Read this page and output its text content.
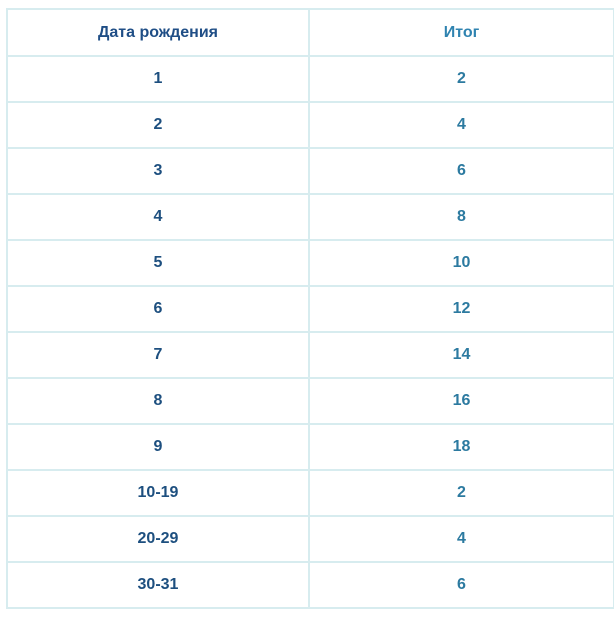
Дата рождения	Итог
1	2
2	4
3	6
4	8
5	10
6	12
7	14
8	16
9	18
10-19	2
20-29	4
30-31	6
